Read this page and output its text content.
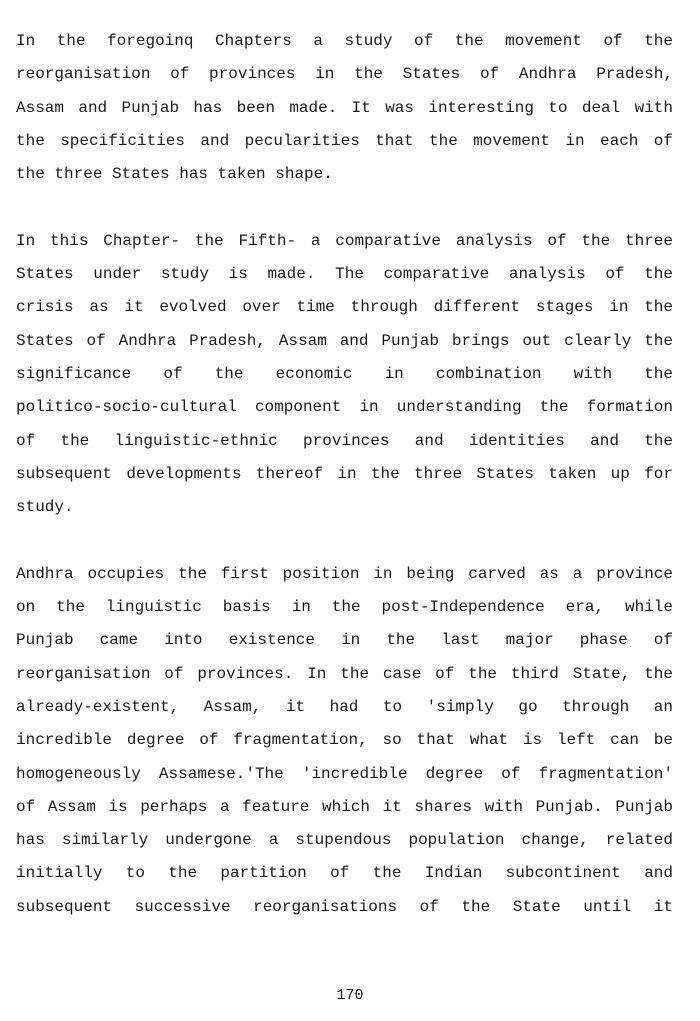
In the foregoinq Chapters a study of the movement of the
reorganisation of provinces in the States of Andhra Pradesh,
Assam and Punjab has been made. It was interesting to deal with
the specificities and pecularities that the movement in each of
the three States has taken shape.
In this Chapter- the Fifth- a comparative analysis of the three
States under study is made. The comparative analysis of the
crisis as it evolved over time through different stages in the
States of Andhra Pradesh, Assam and Punjab brings out clearly the
significance of the economic in combination with the
politico-socio-cultural component in understanding the formation
of the linguistic-ethnic provinces and identities and the
subsequent developments thereof in the three States taken up for
study.
Andhra occupies the first position in being carved as a province
on the linguistic basis in the post-Independence era, while
Punjab came into existence in the last major phase of
reorganisation of provinces. In the case of the third State, the
already-existent, Assam, it had to 'simply go through an
incredible degree of fragmentation, so that what is left can be
homogeneously Assamese.'The 'incredible degree of fragmentation'
of Assam is perhaps a feature which it shares with Punjab. Punjab
has similarly undergone a stupendous population change, related
initially to the partition of the Indian subcontinent and
subsequent successive reorganisations of the State until it
170
